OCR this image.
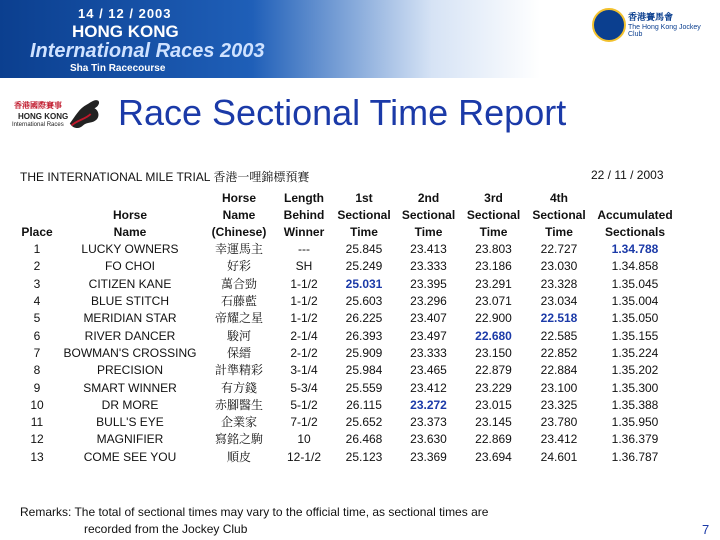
14 / 12 / 2003
HONG KONG
International Races 2003
Sha Tin Racecourse
香港賽馬會
The Hong Kong Jockey Club
香港國際賽事
HONG KONG
International Races Race Sectional Time Report
THE INTERNATIONAL MILE TRIAL 香港一哩錦標預賽	22 / 11 / 2003
		Horse	Length	1st	2nd	3rd	4th	
	Horse	Name	Behind	Sectional	Sectional	Sectional	Sectional	Accumulated
Place	Name	(Chinese)	Winner	Time	Time	Time	Time	Sectionals
1	LUCKY OWNERS	幸運馬主	---	25.845	23.413	23.803	22.727	1.34.788
2	FO CHOI	好彩	SH	25.249	23.333	23.186	23.030	1.34.858
3	CITIZEN KANE	萬合勁	1-1/2	25.031	23.395	23.291	23.328	1.35.045
4	BLUE STITCH	石藤藍	1-1/2	25.603	23.296	23.071	23.034	1.35.004
5	MERIDIAN STAR	帝耀之星	1-1/2	26.225	23.407	22.900	22.518	1.35.050
6	RIVER DANCER	駿河	2-1/4	26.393	23.497	22.680	22.585	1.35.155
7	BOWMAN'S CROSSING	保縉	2-1/2	25.909	23.333	23.150	22.852	1.35.224
8	PRECISION	計準精彩	3-1/4	25.984	23.465	22.879	22.884	1.35.202
9	SMART WINNER	有方錢	5-3/4	25.559	23.412	23.229	23.100	1.35.300
10	DR MORE	赤腳醫生	5-1/2	26.115	23.272	23.015	23.325	1.35.388
11	BULL'S EYE	企業家	7-1/2	25.652	23.373	23.145	23.780	1.35.950
12	MAGNIFIER	寫銘之駒	10	26.468	23.630	22.869	23.412	1.36.379
13	COME SEE YOU	順皮	12-1/2	25.123	23.369	23.694	24.601	1.36.787
Remarks: The total of sectional times may vary to the official time, as sectional times are
recorded from the Jockey Club	7
